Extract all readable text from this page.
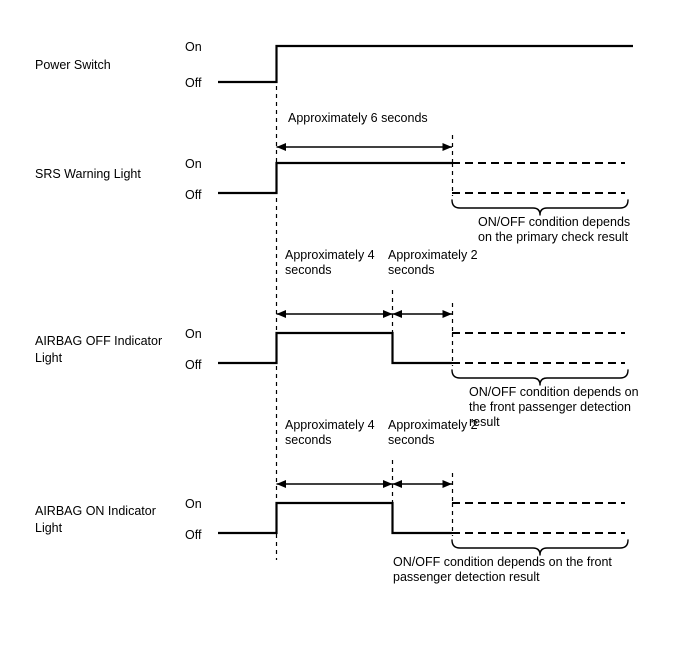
Power Switch
On
Off
SRS Warning Light
On
Off
Approximately 6 seconds
ON/OFF condition depends
on the primary check result
AIRBAG OFF Indicator
Light
On
Off
Approximately 4
seconds
Approximately 2
seconds
ON/OFF condition depends on
the front passenger detection
result
AIRBAG ON Indicator
Light
On
Off
Approximately 4
seconds
Approximately 2
seconds
ON/OFF condition depends on the front
passenger detection result
